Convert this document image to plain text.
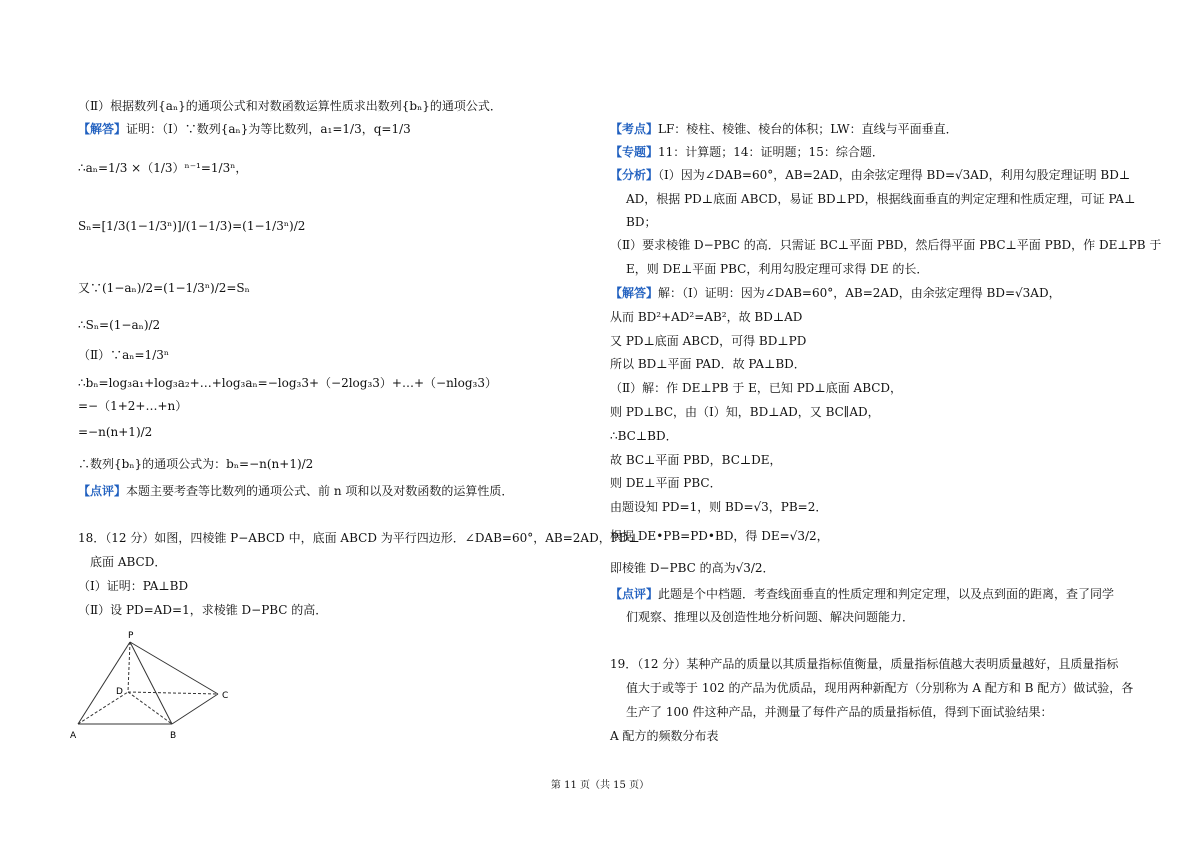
（Ⅱ）根据数列{aₙ}的通项公式和对数函数运算性质求出数列{bₙ}的通项公式．
【解答】证明：（Ⅰ）∵数列{aₙ}为等比数列，a₁=1/3，q=1/3
∴aₙ=1/3 ×（1/3）ⁿ⁻¹=1/3ⁿ，
Sₙ=[1/3(1−1/3ⁿ)]/(1−1/3)=(1−1/3ⁿ)/2
又∵(1−aₙ)/2=(1−1/3ⁿ)/2=Sₙ
∴Sₙ=(1−aₙ)/2
（Ⅱ）∵aₙ=1/3ⁿ
∴bₙ=log₃a₁+log₃a₂+…+log₃aₙ=−log₃3+（−2log₃3）+…+（−nlog₃3）
=−（1+2+…+n）
=−n(n+1)/2
∴数列{bₙ}的通项公式为：bₙ=−n(n+1)/2
【点评】本题主要考查等比数列的通项公式、前 n 项和以及对数函数的运算性质．
18．（12 分）如图，四棱锥 P−ABCD 中，底面 ABCD 为平行四边形．∠DAB=60°，AB=2AD，PD⊥
底面 ABCD．
（Ⅰ）证明：PA⊥BD
（Ⅱ）设 PD=AD=1，求棱锥 D−PBC 的高．
P
A	B
C
D
【考点】LF：棱柱、棱锥、棱台的体积；LW：直线与平面垂直．
【专题】11：计算题；14：证明题；15：综合题．
【分析】（Ⅰ）因为∠DAB=60°，AB=2AD，由余弦定理得 BD=√3AD，利用勾股定理证明 BD⊥
AD，根据 PD⊥底面 ABCD，易证 BD⊥PD，根据线面垂直的判定定理和性质定理，可证 PA⊥
BD；
（Ⅱ）要求棱锥 D−PBC 的高．只需证 BC⊥平面 PBD，然后得平面 PBC⊥平面 PBD，作 DE⊥PB 于
E，则 DE⊥平面 PBC，利用勾股定理可求得 DE 的长．
【解答】解：（Ⅰ）证明：因为∠DAB=60°，AB=2AD，由余弦定理得 BD=√3AD，
从而 BD²+AD²=AB²，故 BD⊥AD
又 PD⊥底面 ABCD，可得 BD⊥PD
所以 BD⊥平面 PAD．故 PA⊥BD．
（Ⅱ）解：作 DE⊥PB 于 E，已知 PD⊥底面 ABCD，
则 PD⊥BC，由（Ⅰ）知，BD⊥AD，又 BC∥AD，
∴BC⊥BD．
故 BC⊥平面 PBD，BC⊥DE，
则 DE⊥平面 PBC．
由题设知 PD=1，则 BD=√3，PB=2．
根据 DE•PB=PD•BD，得 DE=√3/2，
即棱锥 D−PBC 的高为√3/2．
【点评】此题是个中档题．考查线面垂直的性质定理和判定定理，以及点到面的距离，查了同学
们观察、推理以及创造性地分析问题、解决问题能力．
19．（12 分）某种产品的质量以其质量指标值衡量，质量指标值越大表明质量越好，且质量指标
值大于或等于 102 的产品为优质品，现用两种新配方（分别称为 A 配方和 B 配方）做试验，各
生产了 100 件这种产品，并测量了每件产品的质量指标值，得到下面试验结果：
A 配方的频数分布表
第 11 页（共 15 页）
